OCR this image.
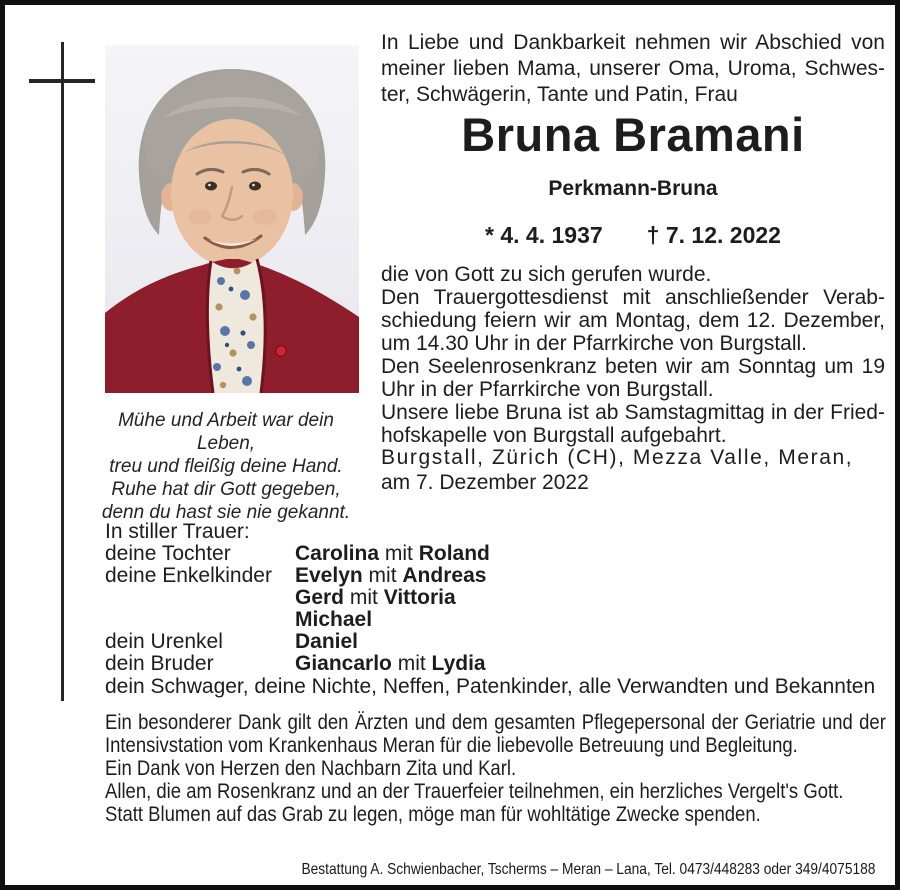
Mühe und Arbeit war dein Leben,
treu und fleißig deine Hand.
Ruhe hat dir Gott gegeben,
denn du hast sie nie gekannt.

In Liebe und Dankbarkeit nehmen wir Abschied von meiner lieben Mama, unserer Oma, Uroma, Schwester, Schwägerin, Tante und Patin, Frau

Bruna Bramani
Perkmann-Bruna
* 4. 4. 1937 † 7. 12. 2022

die von Gott zu sich gerufen wurde.

Den Trauergottesdienst mit anschließender Verabschiedung feiern wir am Montag, dem 12. Dezember, um 14.30 Uhr in der Pfarrkirche von Burgstall.

Den Seelenrosenkranz beten wir am Sonntag um 19 Uhr in der Pfarrkirche von Burgstall.

Unsere liebe Bruna ist ab Samstagmittag in der Friedhofskapelle von Burgstall aufgebahrt.

Burgstall, Zürich (CH), Mezza Valle, Meran,
am 7. Dezember 2022
In stiller Trauer:
deine Tochter	Carolina mit Roland
deine Enkelkinder	Evelyn mit Andreas
Gerd mit Vittoria
Michael
dein Urenkel	Daniel
dein Bruder	Giancarlo mit Lydia
dein Schwager, deine Nichte, Neffen, Patenkinder, alle Verwandten und Bekannten

Ein besonderer Dank gilt den Ärzten und dem gesamten Pflegepersonal der Geriatrie und der Intensivstation vom Krankenhaus Meran für die liebevolle Betreuung und Begleitung.

Ein Dank von Herzen den Nachbarn Zita und Karl.

Allen, die am Rosenkranz und an der Trauerfeier teilnehmen, ein herzliches Vergelt's Gott.

Statt Blumen auf das Grab zu legen, möge man für wohltätige Zwecke spenden.

Bestattung A. Schwienbacher, Tscherms – Meran – Lana, Tel. 0473/448283 oder 349/4075188
